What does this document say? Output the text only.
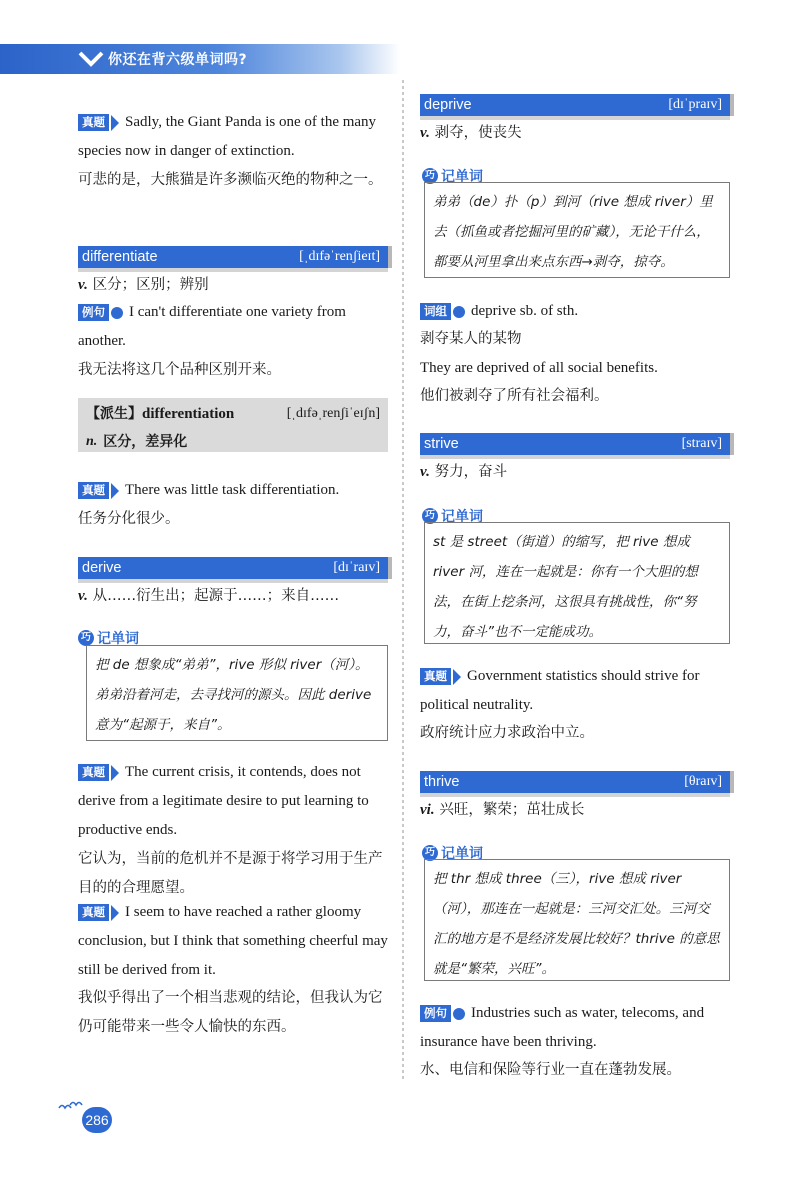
你还在背六级单词吗?
真题 Sadly, the Giant Panda is one of the many species now in danger of extinction.
可悲的是，大熊猫是许多濒临灭绝的物种之一。
differentiate	[ˌdɪfəˈrenʃieɪt]
v. 区分；区别；辨别
例句 I can't differentiate one variety from another.
我无法将这几个品种区别开来。
【派生】differentiation	[ˌdɪfəˌrenʃiˈeɪʃn]
n. 区分，差异化
真题 There was little task differentiation.
任务分化很少。
derive	[dɪˈraɪv]
v. 从……衍生出；起源于……；来自……
巧 记单词
把 de 想象成“弟弟”，rive 形似 river（河）。弟弟沿着河走，去寻找河的源头。因此 derive 意为“起源于，来自”。
真题 The current crisis, it contends, does not derive from a legitimate desire to put learning to productive ends.
它认为，当前的危机并不是源于将学习用于生产目的的合理愿望。
真题 I seem to have reached a rather gloomy conclusion, but I think that something cheerful may still be derived from it.
我似乎得出了一个相当悲观的结论，但我认为它仍可能带来一些令人愉快的东西。
deprive	[dɪˈpraɪv]
v. 剥夺，使丧失
巧 记单词
弟弟（de）扑（p）到河（rive 想成 river）里去（抓鱼或者挖掘河里的矿藏），无论干什么，都要从河里拿出来点东西→剥夺，掠夺。
词组 deprive sb. of sth.
剥夺某人的某物
They are deprived of all social benefits.
他们被剥夺了所有社会福利。
strive	[straɪv]
v. 努力，奋斗
巧 记单词
st 是 street（街道）的缩写，把 rive 想成 river 河，连在一起就是：你有一个大胆的想法，在街上挖条河，这很具有挑战性，你“努力，奋斗”也不一定能成功。
真题 Government statistics should strive for political neutrality.
政府统计应力求政治中立。
thrive	[θraɪv]
vi. 兴旺，繁荣；茁壮成长
巧 记单词
把 thr 想成 three（三），rive 想成 river（河），那连在一起就是：三河交汇处。三河交汇的地方是不是经济发展比较好？thrive 的意思就是“繁荣，兴旺”。
例句 Industries such as water, telecoms, and insurance have been thriving.
水、电信和保险等行业一直在蓬勃发展。
286
